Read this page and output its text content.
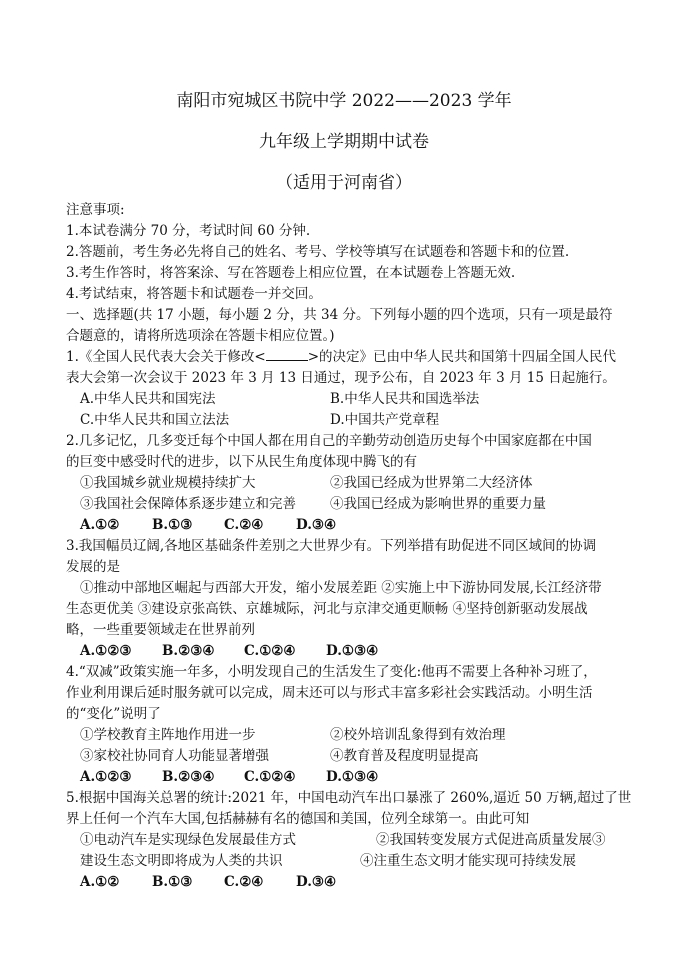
南阳市宛城区书院中学 2022——2023 学年
九年级上学期期中试卷
（适用于河南省）
注意事项:
1.本试卷满分 70 分，考试时间 60 分钟.
2.答题前，考生务必先将自己的姓名、考号、学校等填写在试题卷和答题卡和的位置.
3.考生作答时，将答案涂、写在答题卷上相应位置，在本试题卷上答题无效.
4.考试结束，将答题卡和试题卷一并交回。
一、选择题(共 17 小题，每小题 2 分，共 34 分。下列每小题的四个选项，只有一项是最符
合题意的，请将所选项涂在答题卡相应位置。)
1.《全国人民代表大会关于修改<	>的决定》已由中华人民共和国第十四届全国人民代
表大会第一次会议于 2023 年 3 月 13 日通过，现予公布，自 2023 年 3 月 15 日起施行。
A.中华人民共和国宪法	B.中华人民共和国选举法
C.中华人民共和国立法法	D.中国共产党章程
2.几多记忆，几多变迁每个中国人都在用自己的辛勤劳动创造历史每个中国家庭都在中国
的巨变中感受时代的进步，以下从民生角度体现中腾飞的有
①我国城乡就业规模持续扩大	②我国已经成为世界第二大经济体
③我国社会保障体系逐步建立和完善	④我国已经成为影响世界的重要力量
A.①②	B.①③	C.②④	D.③④
3.我国幅员辽阔,各地区基础条件差别之大世界少有。下列举措有助促进不同区域间的协调
发展的是
①推动中部地区崛起与西部大开发，缩小发展差距 ②实施上中下游协同发展,长江经济带
生态更优美 ③建设京张高铁、京雄城际，河北与京津交通更顺畅 ④坚持创新驱动发展战
略，一些重要领域走在世界前列
A.①②③	B.②③④	C.①②④	D.①③④
4.“双减”政策实施一年多，小明发现自己的生活发生了变化:他再不需要上各种补习班了，
作业利用课后延时服务就可以完成，周末还可以与形式丰富多彩社会实践活动。小明生活
的“变化”说明了
①学校教育主阵地作用进一步	②校外培训乱象得到有效治理
③家校社协同育人功能显著增强	④教育普及程度明显提高
A.①②③	B.②③④	C.①②④	D.①③④
5.根据中国海关总署的统计:2021 年，中国电动汽车出口暴涨了 260%,逼近 50 万辆,超过了世
界上任何一个汽车大国,包括赫赫有名的德国和美国，位列全球第一。由此可知
①电动汽车是实现绿色发展最佳方式	②我国转变发展方式促进高质量发展③
建设生态文明即将成为人类的共识	④注重生态文明才能实现可持续发展
A.①②	B.①③	C.②④	D.③④
